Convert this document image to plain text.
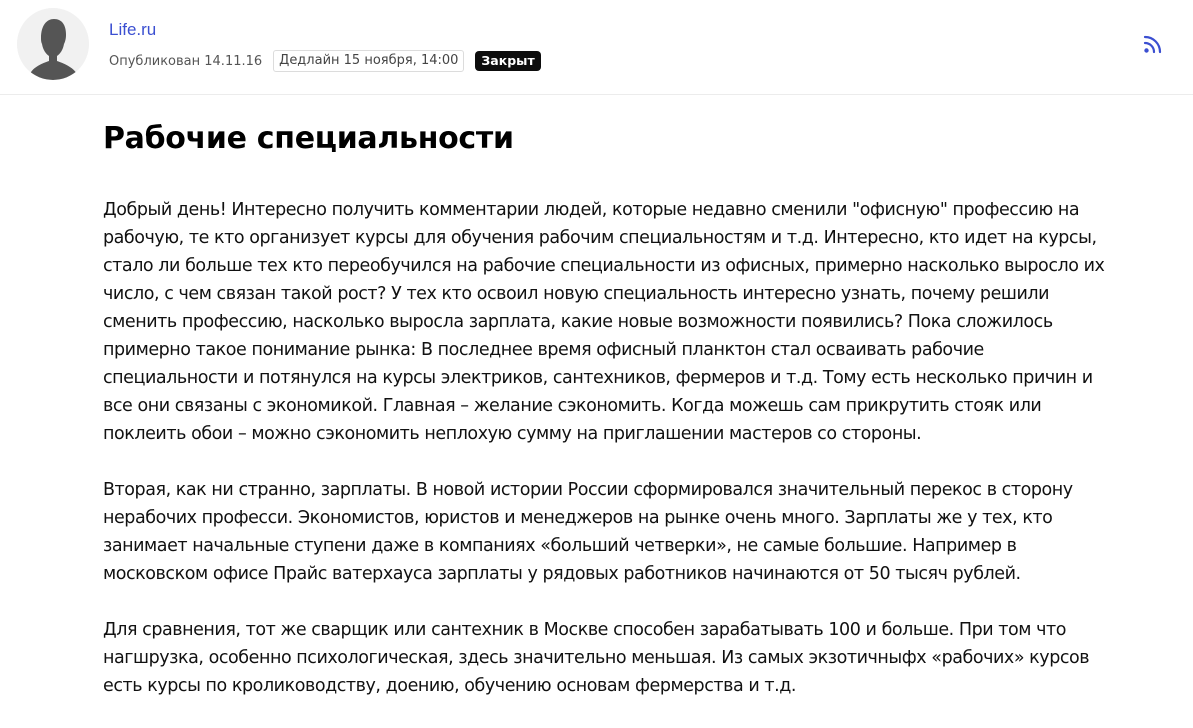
Life.ru
Опубликован 14.11.16	Дедлайн 15 ноября, 14:00	Закрыт
Рабочие специальности

Добрый день! Интересно получить комментарии людей, которые недавно сменили "офисную" профессию на рабочую, те кто организует курсы для обучения рабочим специальностям и т.д. Интересно, кто идет на курсы, стало ли больше тех кто переобучился на рабочие специальности из офисных, примерно насколько выросло их число, с чем связан такой рост? У тех кто освоил новую специальность интересно узнать, почему решили сменить профессию, насколько выросла зарплата, какие новые возможности появились? Пока сложилось примерно такое понимание рынка: В последнее время офисный планктон стал осваивать рабочие специальности и потянулся на курсы электриков, сантехников, фермеров и т.д. Тому есть несколько причин и все они связаны с экономикой. Главная – желание сэкономить. Когда можешь сам прикрутить стояк или поклеить обои – можно сэкономить неплохую сумму на приглашении мастеров со стороны.

Вторая, как ни странно, зарплаты. В новой истории России сформировался значительный перекос в сторону нерабочих професси. Экономистов, юристов и менеджеров на рынке очень много. Зарплаты же у тех, кто занимает начальные ступени даже в компаниях «больший четверки», не самые большие. Например в московском офисе Прайс ватерхауса зарплаты у рядовых работников начинаются от 50 тысяч рублей.

Для сравнения, тот же сварщик или сантехник в Москве способен зарабатывать 100 и больше. При том что нагшрузка, особенно психологическая, здесь значительно меньшая. Из самых экзотичныфх «рабочих» курсов есть курсы по кролиководству, доению, обучению основам фермерства и т.д.
